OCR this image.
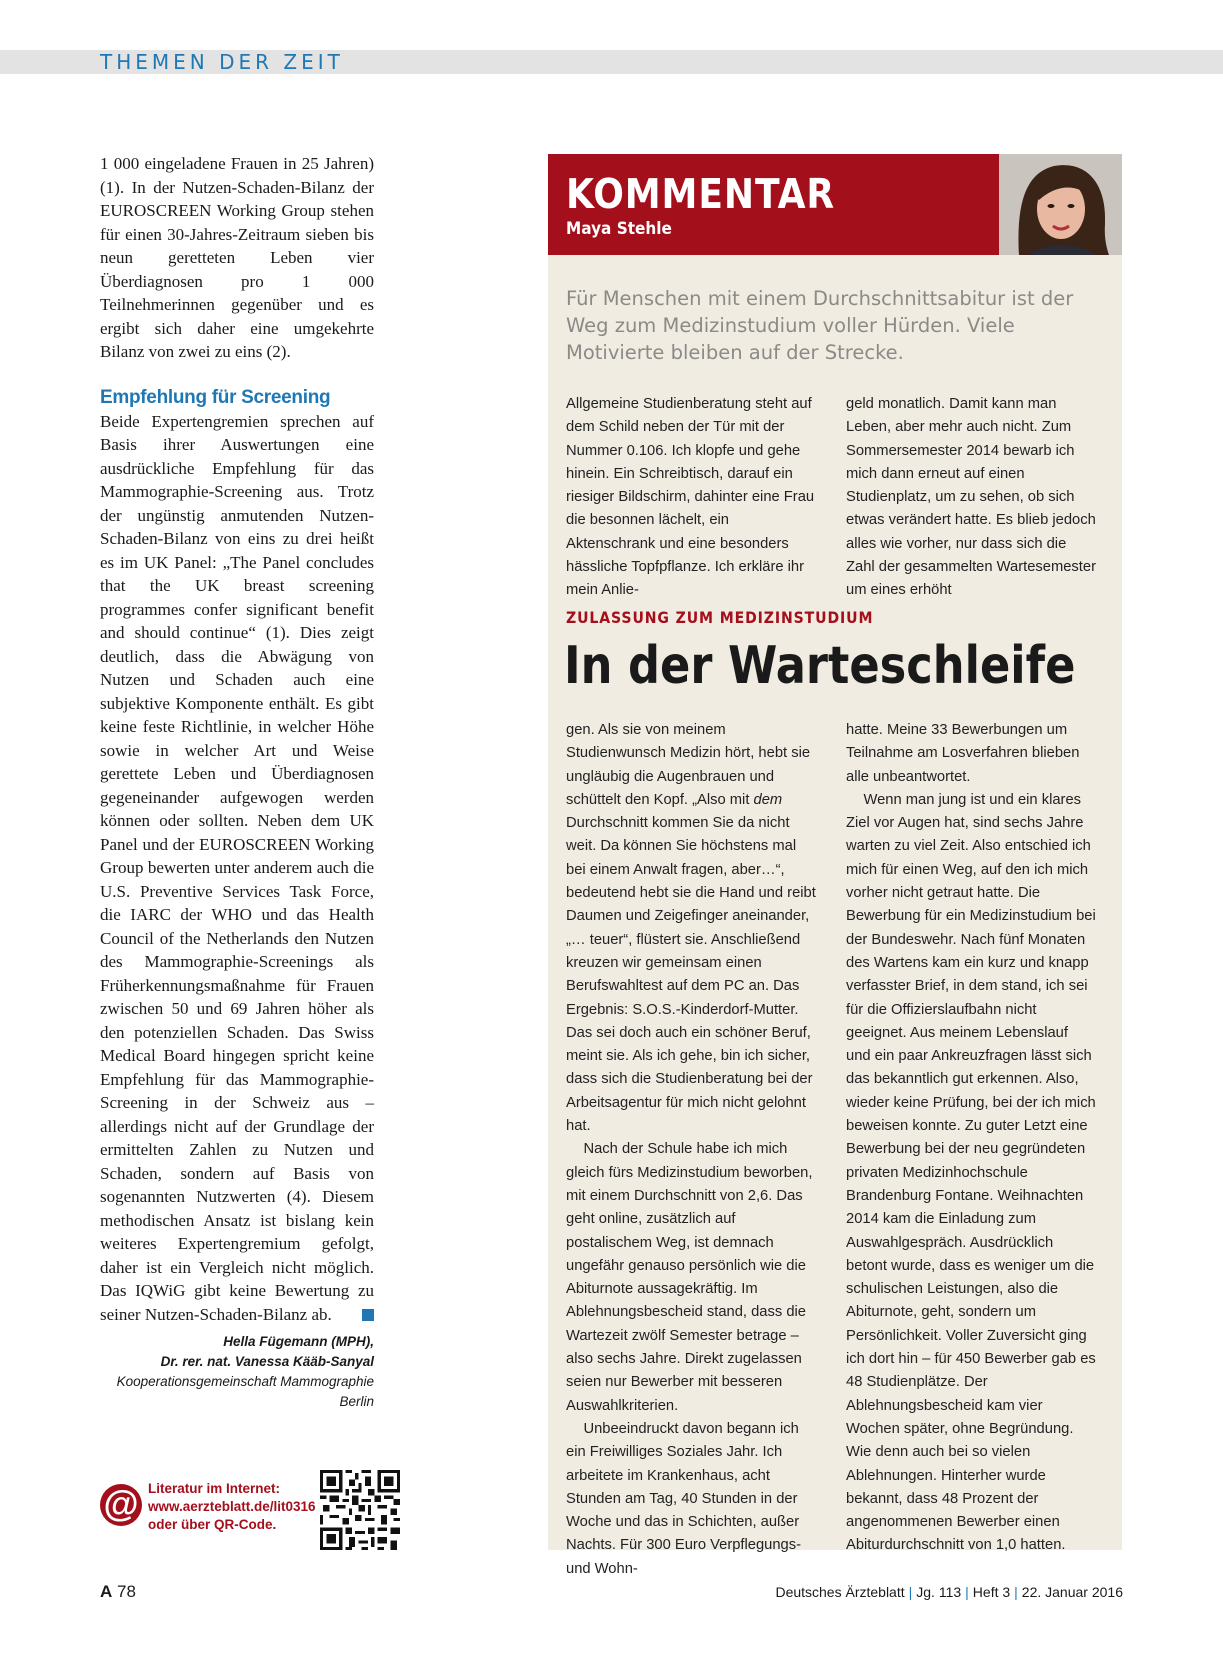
THEMEN DER ZEIT

1 000 eingeladene Frauen in 25 Jahren) (1). In der Nutzen-Schaden-Bilanz der EUROSCREEN Working Group stehen für einen 30-Jahres-Zeitraum sieben bis neun geretteten Leben vier Überdiagnosen pro 1 000 Teilnehmerinnen gegenüber und es ergibt sich daher eine umgekehrte Bilanz von zwei zu eins (2).

Empfehlung für Screening

Beide Expertengremien sprechen auf Basis ihrer Auswertungen eine ausdrückliche Empfehlung für das Mammographie-Screening aus. Trotz der ungünstig anmutenden Nutzen-Schaden-Bilanz von eins zu drei heißt es im UK Panel: „The Panel concludes that the UK breast screening programmes confer significant benefit and should continue“ (1). Dies zeigt deutlich, dass die Abwägung von Nutzen und Schaden auch eine subjektive Komponente enthält. Es gibt keine feste Richtlinie, in welcher Höhe sowie in welcher Art und Weise gerettete Leben und Überdiagnosen gegeneinander aufgewogen werden können oder sollten. Neben dem UK Panel und der EUROSCREEN Working Group bewerten unter anderem auch die U.S. Preventive Services Task Force, die IARC der WHO und das Health Council of the Netherlands den Nutzen des Mammographie-Screenings als Früherkennungsmaßnahme für Frauen zwischen 50 und 69 Jahren höher als den potenziellen Schaden. Das Swiss Medical Board hingegen spricht keine Empfehlung für das Mammographie-Screening in der Schweiz aus – allerdings nicht auf der Grundlage der ermittelten Zahlen zu Nutzen und Schaden, sondern auf Basis von sogenannten Nutzwerten (4). Diesem methodischen Ansatz ist bislang kein weiteres Expertengremium gefolgt, daher ist ein Vergleich nicht möglich. Das IQWiG gibt keine Bewertung zu seiner Nutzen-Schaden-Bilanz ab.

Hella Fügemann (MPH),
Dr. rer. nat. Vanessa Kääb-Sanyal
Kooperationsgemeinschaft Mammographie
Berlin
@ Literatur im Internet:
www.aerzteblatt.de/lit0316
oder über QR-Code.
KOMMENTAR
Maya Stehle
Für Menschen mit einem Durchschnittsabitur ist der Weg zum Medizinstudium voller Hürden. Viele Motivierte bleiben auf der Strecke.

Allgemeine Studienberatung steht auf dem Schild neben der Tür mit der Nummer 0.106. Ich klopfe und gehe hinein. Ein Schreibtisch, darauf ein riesiger Bildschirm, dahinter eine Frau die besonnen lächelt, ein Aktenschrank und eine besonders hässliche Topfpflanze. Ich erkläre ihr mein Anlie-

geld monatlich. Damit kann man Leben, aber mehr auch nicht. Zum Sommersemester 2014 bewarb ich mich dann erneut auf einen Studienplatz, um zu sehen, ob sich etwas verändert hatte. Es blieb jedoch alles wie vorher, nur dass sich die Zahl der gesammelten Wartesemester um eines erhöht

ZULASSUNG ZUM MEDIZINSTUDIUM
In der Warteschleife

gen. Als sie von meinem Studienwunsch Medizin hört, hebt sie ungläubig die Augenbrauen und schüttelt den Kopf. „Also mit dem Durchschnitt kommen Sie da nicht weit. Da können Sie höchstens mal bei einem Anwalt fragen, aber…“, bedeutend hebt sie die Hand und reibt Daumen und Zeigefinger aneinander, „… teuer“, flüstert sie. Anschließend kreuzen wir gemeinsam einen Berufswahltest auf dem PC an. Das Ergebnis: S.O.S.-Kinderdorf-Mutter. Das sei doch auch ein schöner Beruf, meint sie. Als ich gehe, bin ich sicher, dass sich die Studienberatung bei der Arbeitsagentur für mich nicht gelohnt hat.

Nach der Schule habe ich mich gleich fürs Medizinstudium beworben, mit einem Durchschnitt von 2,6. Das geht online, zusätzlich auf postalischem Weg, ist demnach ungefähr genauso persönlich wie die Abiturnote aussagekräftig. Im Ablehnungsbescheid stand, dass die Wartezeit zwölf Semester betrage – also sechs Jahre. Direkt zugelassen seien nur Bewerber mit besseren Auswahlkriterien.

Unbeeindruckt davon begann ich ein Freiwilliges Soziales Jahr. Ich arbeitete im Krankenhaus, acht Stunden am Tag, 40 Stunden in der Woche und das in Schichten, außer Nachts. Für 300 Euro Verpflegungs- und Wohn-

hatte. Meine 33 Bewerbungen um Teilnahme am Losverfahren blieben alle unbeantwortet.

Wenn man jung ist und ein klares Ziel vor Augen hat, sind sechs Jahre warten zu viel Zeit. Also entschied ich mich für einen Weg, auf den ich mich vorher nicht getraut hatte. Die Bewerbung für ein Medizinstudium bei der Bundeswehr. Nach fünf Monaten des Wartens kam ein kurz und knapp verfasster Brief, in dem stand, ich sei für die Offizierslaufbahn nicht geeignet. Aus meinem Lebenslauf und ein paar Ankreuzfragen lässt sich das bekanntlich gut erkennen. Also, wieder keine Prüfung, bei der ich mich beweisen konnte. Zu guter Letzt eine Bewerbung bei der neu gegründeten privaten Medizinhochschule Brandenburg Fontane. Weihnachten 2014 kam die Einladung zum Auswahlgespräch. Ausdrücklich betont wurde, dass es weniger um die schulischen Leistungen, also die Abiturnote, geht, sondern um Persönlichkeit. Voller Zuversicht ging ich dort hin – für 450 Bewerber gab es 48 Studienplätze. Der Ablehnungsbescheid kam vier Wochen später, ohne Begründung. Wie denn auch bei so vielen Ablehnungen. Hinterher wurde bekannt, dass 48 Prozent der angenommenen Bewerber einen Abiturdurchschnitt von 1,0 hatten.

A 78	Deutsches Ärzteblatt | Jg. 113 | Heft 3 | 22. Januar 2016
